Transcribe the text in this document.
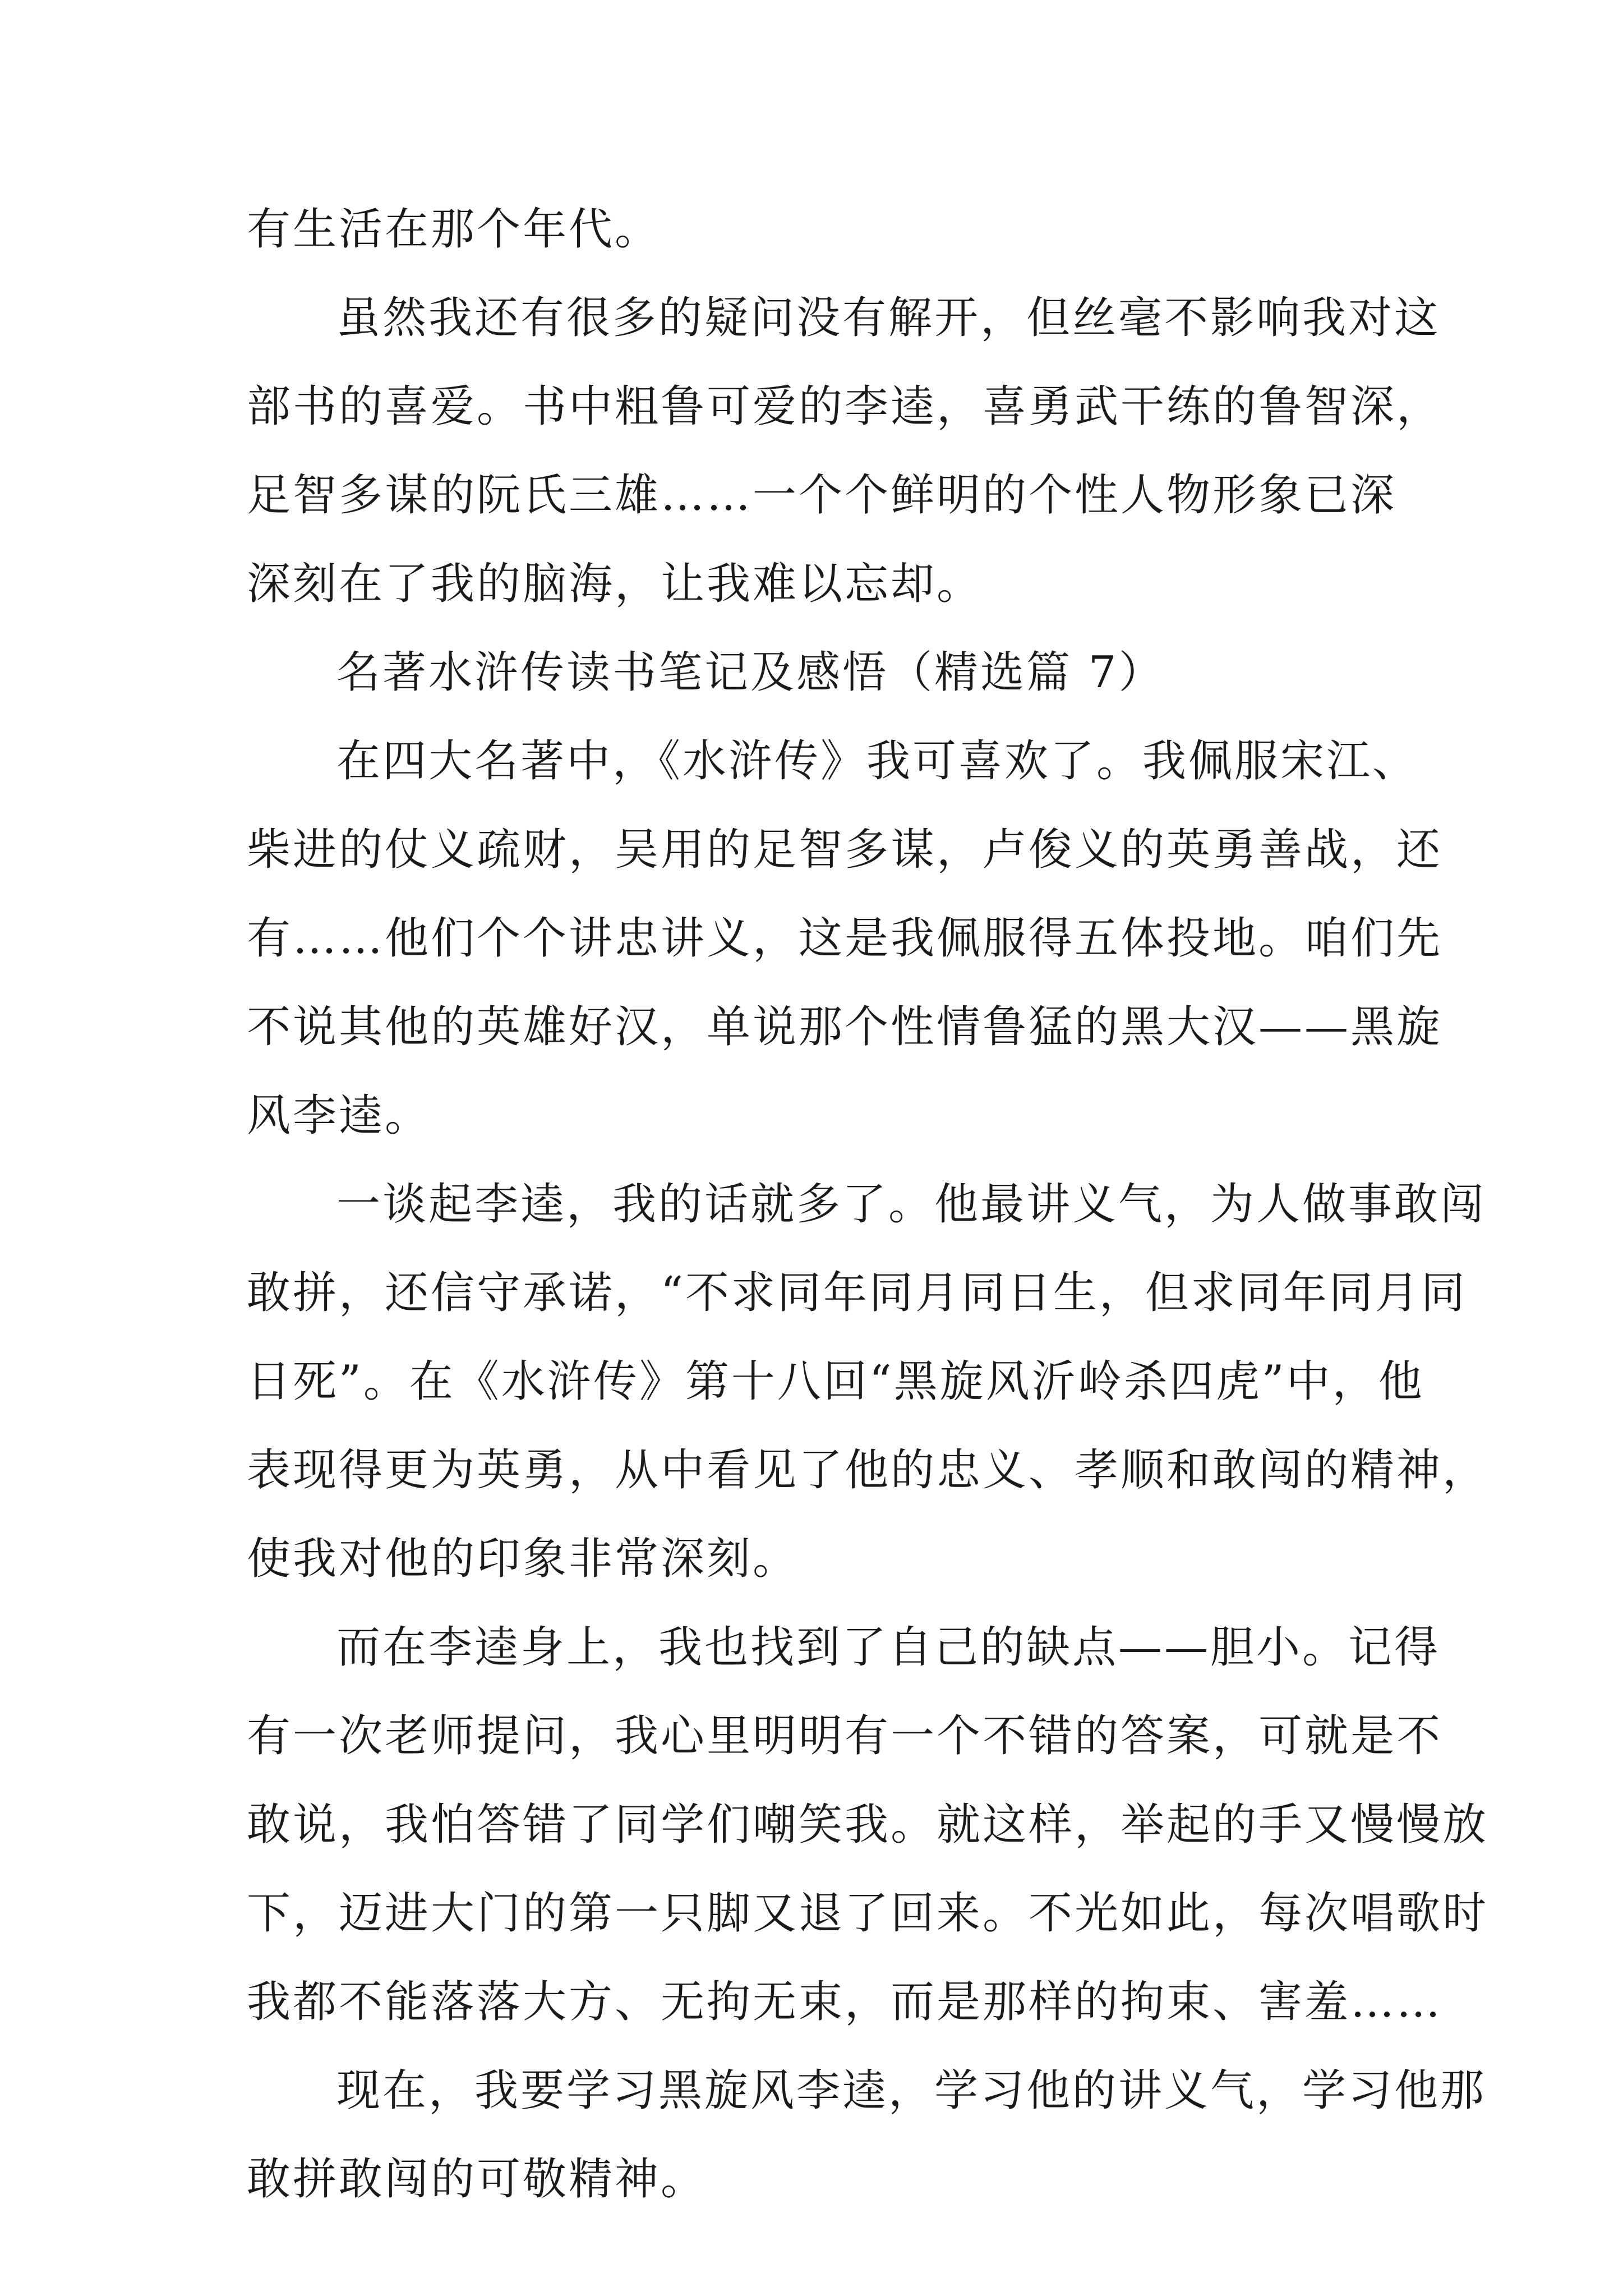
有生活在那个年代。
虽然我还有很多的疑问没有解开，但丝毫不影响我对这
部书的喜爱。书中粗鲁可爱的李逵，喜勇武干练的鲁智深，
足智多谋的阮氏三雄……一个个鲜明的个性人物形象已深
深刻在了我的脑海，让我难以忘却。
名著水浒传读书笔记及感悟（精选篇 7）
在四大名著中，《水浒传》我可喜欢了。我佩服宋江、
柴进的仗义疏财，吴用的足智多谋，卢俊义的英勇善战，还
有……他们个个讲忠讲义，这是我佩服得五体投地。咱们先
不说其他的英雄好汉，单说那个性情鲁猛的黑大汉——黑旋
风李逵。
一谈起李逵，我的话就多了。他最讲义气，为人做事敢闯
敢拼，还信守承诺，“不求同年同月同日生，但求同年同月同
日死”。在《水浒传》第十八回“黑旋风沂岭杀四虎”中，他
表现得更为英勇，从中看见了他的忠义、孝顺和敢闯的精神，
使我对他的印象非常深刻。
而在李逵身上，我也找到了自己的缺点——胆小。记得
有一次老师提问，我心里明明有一个不错的答案，可就是不
敢说，我怕答错了同学们嘲笑我。就这样，举起的手又慢慢放
下，迈进大门的第一只脚又退了回来。不光如此，每次唱歌时
我都不能落落大方、无拘无束，而是那样的拘束、害羞……
现在，我要学习黑旋风李逵，学习他的讲义气，学习他那
敢拼敢闯的可敬精神。
